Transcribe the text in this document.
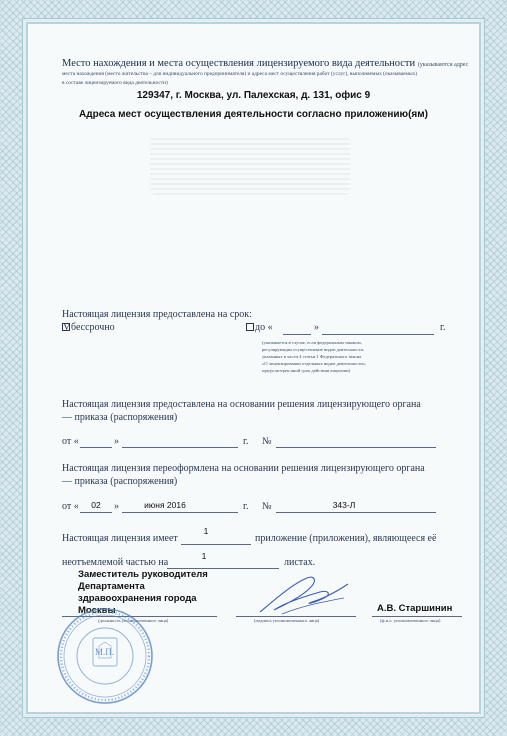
Место нахождения и места осуществления лицензируемого вида деятельности (указываются адрес

места нахождения (место жительства – для индивидуального предпринимателя) и адреса мест осуществления работ (услуг), выполняемых (оказываемых)

в составе лицензируемого вида деятельности)

129347, г. Москва, ул. Палехская, д. 131, офис 9

Адреса мест осуществления деятельности согласно приложению(ям)

Настоящая лицензия предоставлена на срок:

V бессрочно	до «	»	г.

(указывается в случае, если федеральным законом,

регулирующим осуществление видов деятельности,

указанных в части 4 статьи 1 Федерального закона

«О лицензировании отдельных видов деятельности»,

предусмотрен иной срок действия лицензии)

Настоящая лицензия предоставлена на основании решения лицензирующего органа

— приказа (распоряжения)

от «	»	г. №

Настоящая лицензия переоформлена на основании решения лицензирующего органа

— приказа (распоряжения)

от «	02	»	июня 2016	г. №	343-Л
Настоящая лицензия имеет
1
приложение (приложения), являющееся её
неотъемлемой частью на
1
листах.

Заместитель руководителя

Департамента

здравоохранения города

Москвы	А.В. Старшинин
(должность уполномоченного лица)	(подпись уполномоченного лица)	(ф.и.о. уполномоченного лица)
М.П.
